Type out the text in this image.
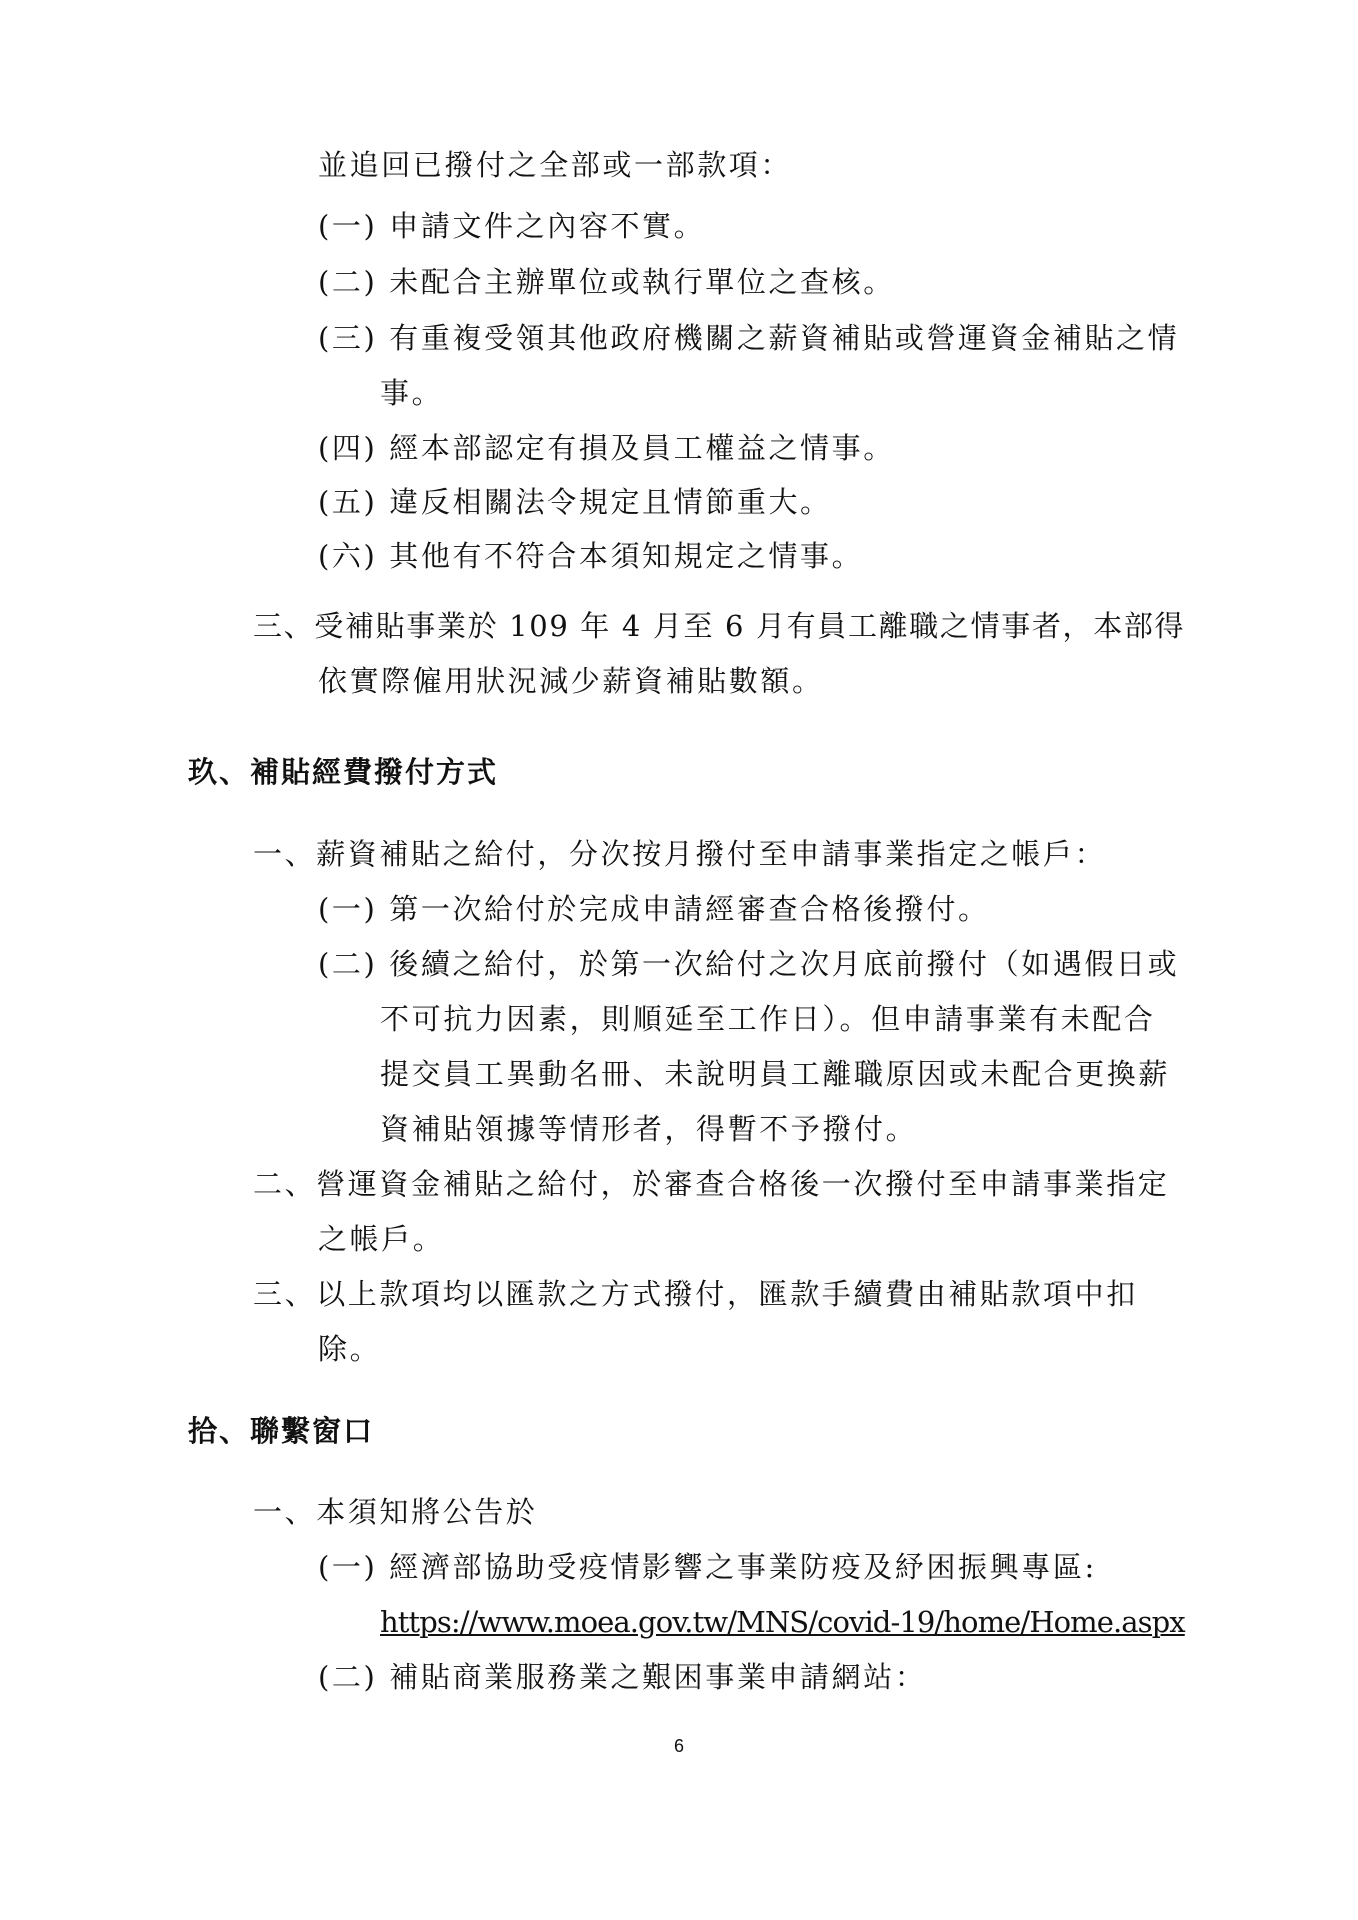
並追回已撥付之全部或一部款項：
(一) 申請文件之內容不實。
(二) 未配合主辦單位或執行單位之查核。
(三) 有重複受領其他政府機關之薪資補貼或營運資金補貼之情
事。
(四) 經本部認定有損及員工權益之情事。
(五) 違反相關法令規定且情節重大。
(六) 其他有不符合本須知規定之情事。
三、受補貼事業於 109 年 4 月至 6 月有員工離職之情事者，本部得
依實際僱用狀況減少薪資補貼數額。
玖、補貼經費撥付方式
一、薪資補貼之給付，分次按月撥付至申請事業指定之帳戶：
(一) 第一次給付於完成申請經審查合格後撥付。
(二) 後續之給付，於第一次給付之次月底前撥付（如遇假日或
不可抗力因素，則順延至工作日）。但申請事業有未配合
提交員工異動名冊、未說明員工離職原因或未配合更換薪
資補貼領據等情形者，得暫不予撥付。
二、營運資金補貼之給付，於審查合格後一次撥付至申請事業指定
之帳戶。
三、以上款項均以匯款之方式撥付，匯款手續費由補貼款項中扣
除。
拾、聯繫窗口
一、本須知將公告於
(一) 經濟部協助受疫情影響之事業防疫及紓困振興專區:
https://www.moea.gov.tw/MNS/covid-19/home/Home.aspx
(二) 補貼商業服務業之艱困事業申請網站：
6
